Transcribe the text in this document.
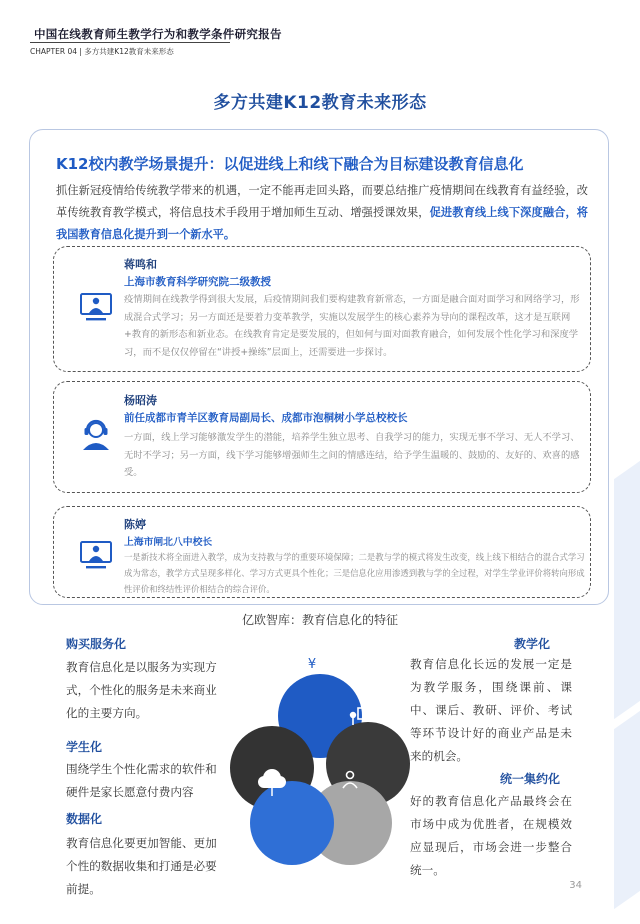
中国在线教育师生教学行为和教学条件研究报告
CHAPTER 04 | 多方共建K12教育未来形态
多方共建K12教育未来形态
K12校内教学场景提升：以促进线上和线下融合为目标建设教育信息化
抓住新冠疫情给传统教学带来的机遇，一定不能再走回头路，而要总结推广疫情期间在线教育有益经验，改革传统教育教学模式，将信息技术手段用于增加师生互动、增强授课效果，促进教育线上线下深度融合，将我国教育信息化提升到一个新水平。
蒋鸣和
上海市教育科学研究院二级教授
疫情期间在线教学得到很大发展，后疫情期间我们要构建教育新常态，一方面是融合面对面学习和网络学习，形成混合式学习；另一方面还是要着力变革教学，实施以发展学生的核心素养为导向的课程改革，这才是互联网+教育的新形态和新业态。在线教育肯定是要发展的，但如何与面对面教育融合，如何发展个性化学习和深度学习，而不是仅仅停留在“讲授+操练”层面上，还需要进一步探讨。
杨昭涛
前任成都市青羊区教育局副局长、成都市泡桐树小学总校校长
一方面，线上学习能够激发学生的潜能，培养学生独立思考、自我学习的能力，实现无事不学习、无人不学习、无时不学习；另一方面，线下学习能够增强师生之间的情感连结，给予学生温暖的、鼓励的、友好的、欢喜的感受。
陈婷
上海市闸北八中校长
一是新技术将全面进入教学，成为支持教与学的重要环境保障；二是教与学的模式将发生改变，线上线下相结合的混合式学习成为常态，教学方式呈现多样化、学习方式更具个性化；三是信息化应用渗透到教与学的全过程，对学生学业评价将转向形成性评价和终结性评价相结合的综合评价。
亿欧智库：教育信息化的特征
¥
购买服务化
教育信息化是以服务为实现方式，个性化的服务是未来商业化的主要方向。
学生化
围绕学生个性化需求的软件和硬件是家长愿意付费内容
数据化
教育信息化要更加智能、更加个性的数据收集和打通是必要前提。
教学化
教育信息化长远的发展一定是为教学服务，围绕课前、课中、课后、教研、评价、考试等环节设计好的商业产品是未来的机会。
统一集约化
好的教育信息化产品最终会在市场中成为优胜者，在规模效应显现后，市场会进一步整合统一。
34
